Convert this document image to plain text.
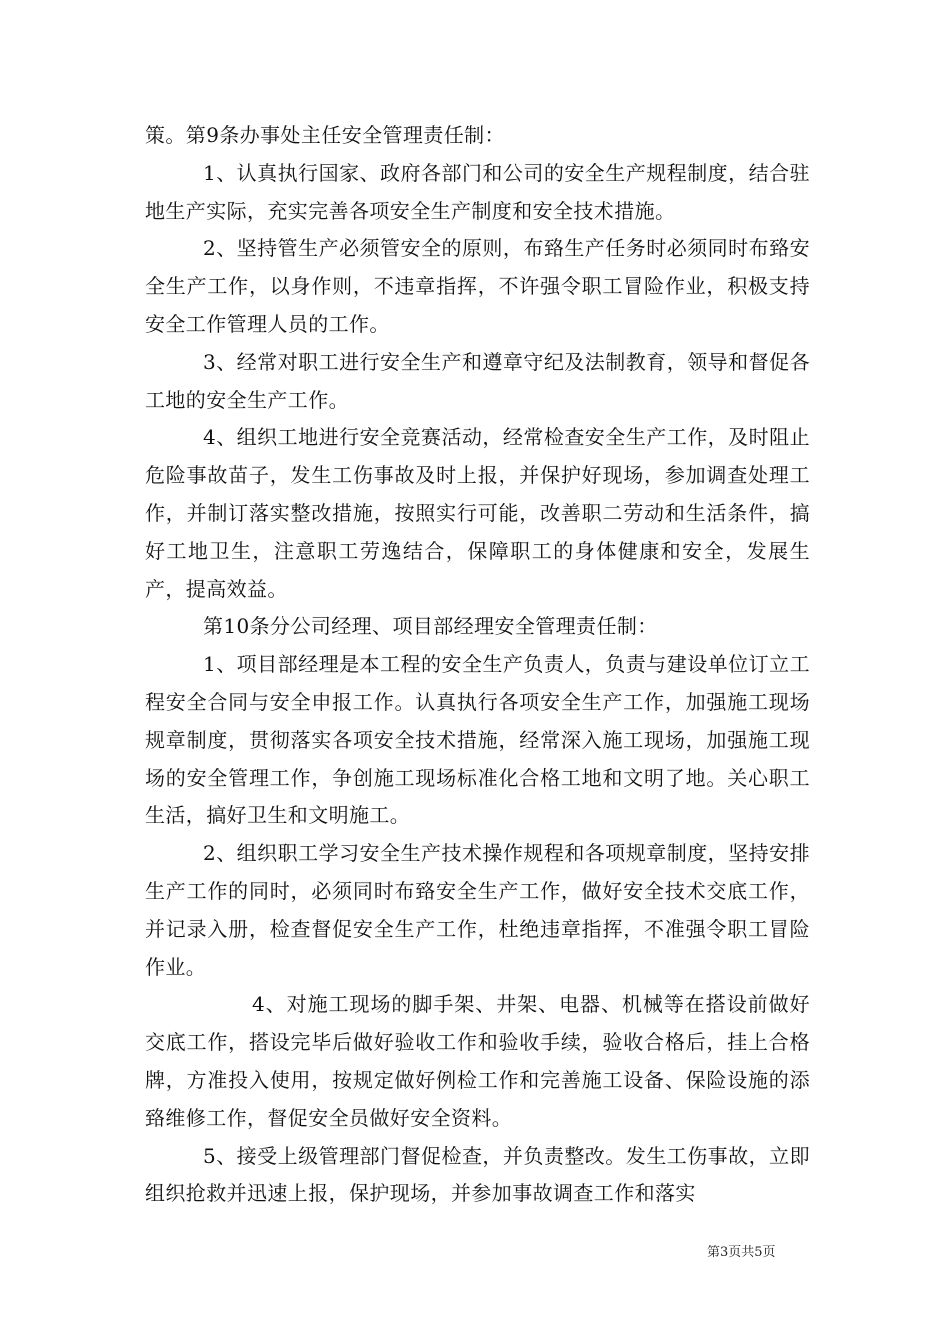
策。第9条办事处主任安全管理责任制：

1、认真执行国家、政府各部门和公司的安全生产规程制度，结合驻地生产实际，充实完善各项安全生产制度和安全技术措施。

2、坚持管生产必须管安全的原则，布臵生产任务时必须同时布臵安全生产工作，以身作则，不违章指挥，不许强令职工冒险作业，积极支持安全工作管理人员的工作。

3、经常对职工进行安全生产和遵章守纪及法制教育，领导和督促各工地的安全生产工作。

4、组织工地进行安全竞赛活动，经常检查安全生产工作，及时阻止危险事故苗子，发生工伤事故及时上报，并保护好现场，参加调查处理工作，并制订落实整改措施，按照实行可能，改善职二劳动和生活条件，搞好工地卫生，注意职工劳逸结合，保障职工的身体健康和安全，发展生产，提高效益。

第10条分公司经理、项目部经理安全管理责任制：

1、项目部经理是本工程的安全生产负责人，负责与建设单位订立工程安全合同与安全申报工作。认真执行各项安全生产工作，加强施工现场规章制度，贯彻落实各项安全技术措施，经常深入施工现场，加强施工现场的安全管理工作，争创施工现场标准化合格工地和文明了地。关心职工生活，搞好卫生和文明施工。

2、组织职工学习安全生产技术操作规程和各项规章制度，坚持安排生产工作的同时，必须同时布臵安全生产工作，做好安全技术交底工作，并记录入册，检查督促安全生产工作，杜绝违章指挥，不准强令职工冒险作业。

4、对施工现场的脚手架、井架、电器、机械等在搭设前做好交底工作，搭设完毕后做好验收工作和验收手续，验收合格后，挂上合格牌，方准投入使用，按规定做好例检工作和完善施工设备、保险设施的添臵维修工作，督促安全员做好安全资料。

5、接受上级管理部门督促检查，并负责整改。发生工伤事故，立即组织抢救并迅速上报，保护现场，并参加事故调查工作和落实

第3页共5页
